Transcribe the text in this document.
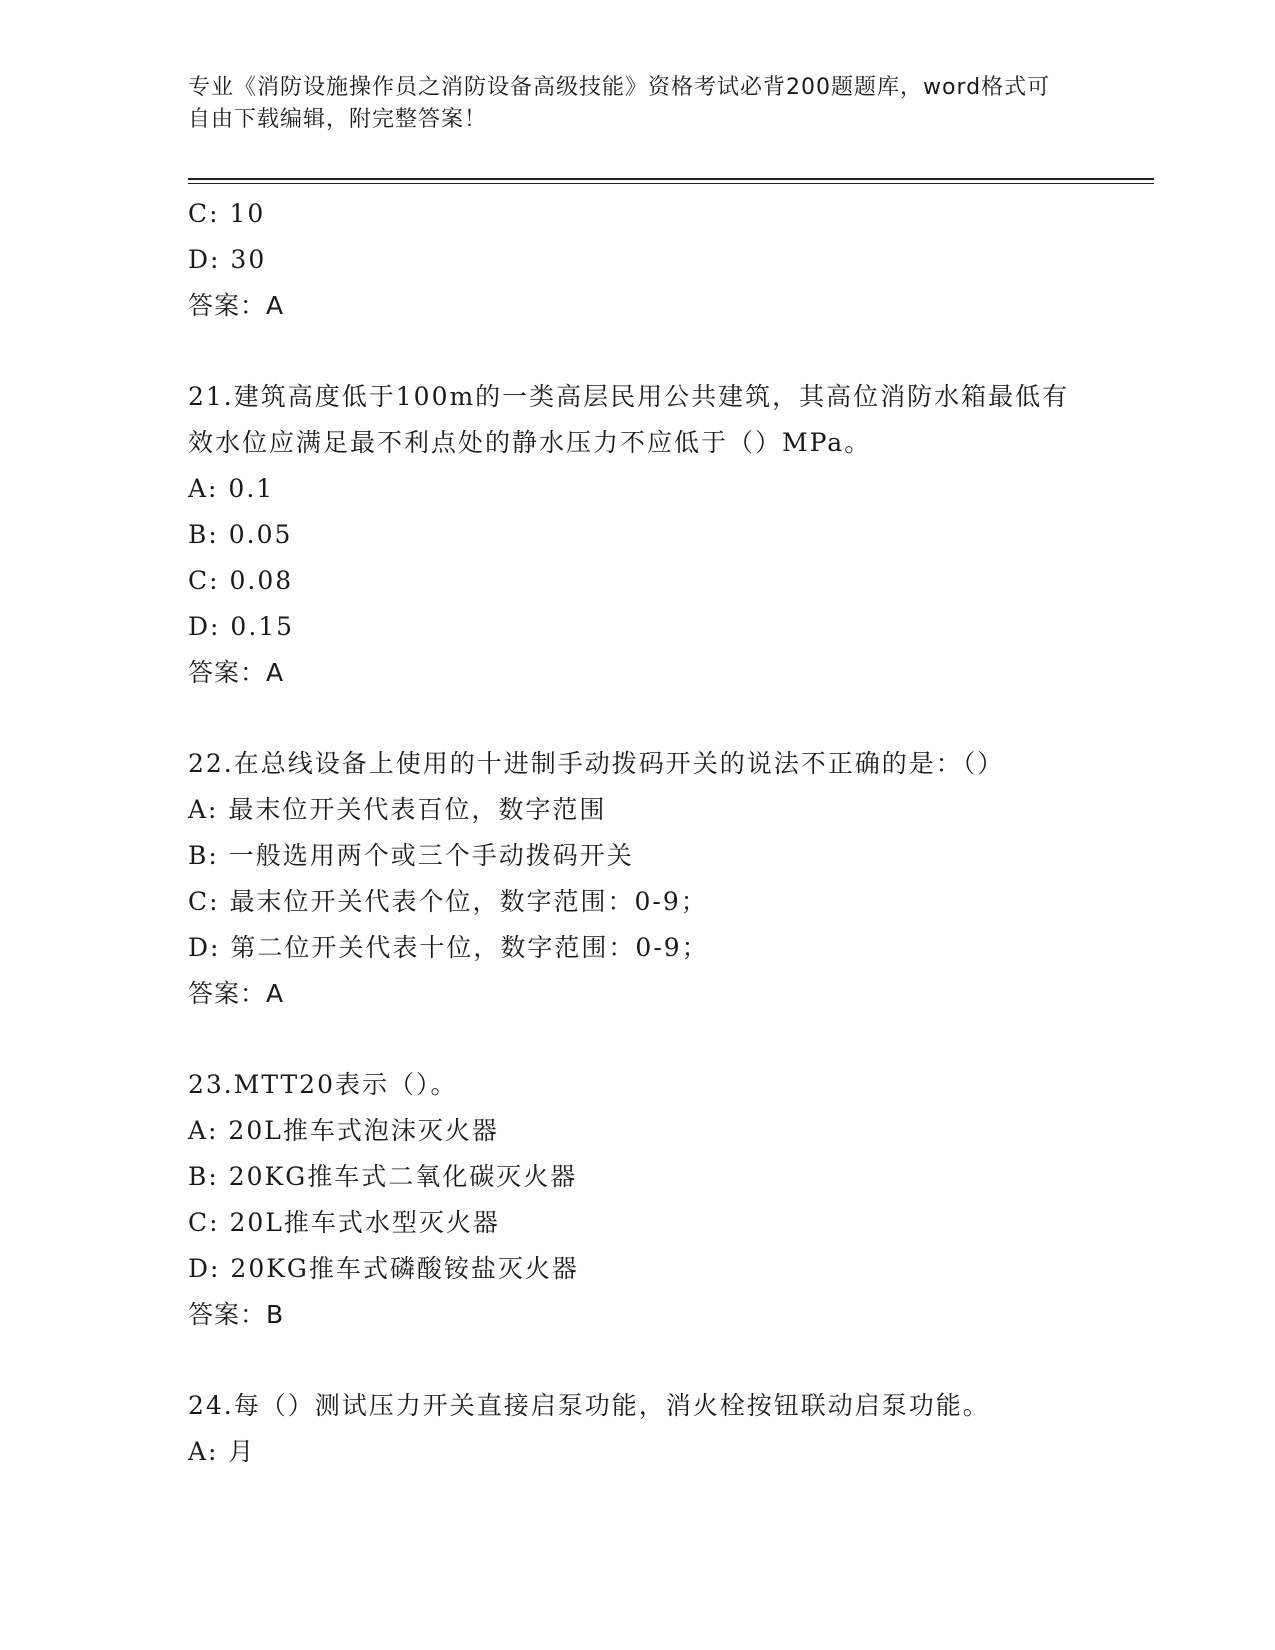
专业《消防设施操作员之消防设备高级技能》资格考试必背200题题库，word格式可自由下载编辑，附完整答案！

C: 10

D: 30

答案：A

21.建筑高度低于100m的一类高层民用公共建筑，其高位消防水箱最低有效水位应满足最不利点处的静水压力不应低于（）MPa。

A: 0.1

B: 0.05

C: 0.08

D: 0.15

答案：A

22.在总线设备上使用的十进制手动拨码开关的说法不正确的是：（）

A: 最末位开关代表百位，数字范围

B: 一般选用两个或三个手动拨码开关

C: 最末位开关代表个位，数字范围：0-9；

D: 第二位开关代表十位，数字范围：0-9；

答案：A

23.MTT20表示（）。

A: 20L推车式泡沫灭火器

B: 20KG推车式二氧化碳灭火器

C: 20L推车式水型灭火器

D: 20KG推车式磷酸铵盐灭火器

答案：B

24.每（）测试压力开关直接启泵功能，消火栓按钮联动启泵功能。

A: 月
